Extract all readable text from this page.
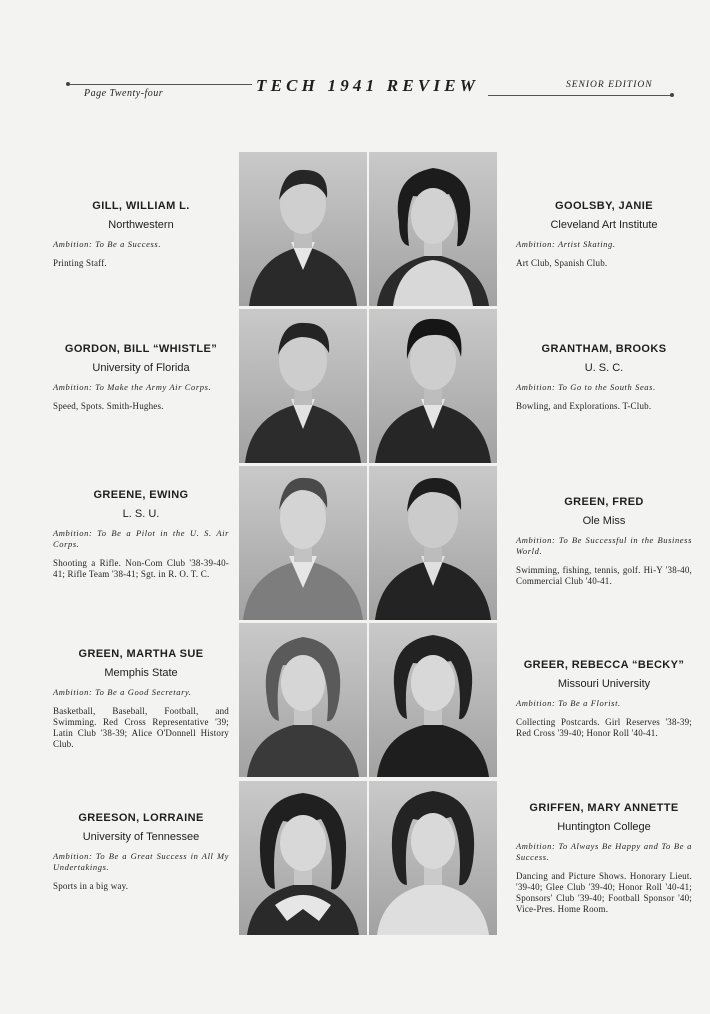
Page Twenty-four	TECH 1941 REVIEW	SENIOR EDITION
GILL, WILLIAM L.
Northwestern
Ambition: To Be a Success.
Printing Staff.
GOOLSBY, JANIE
Cleveland Art Institute
Ambition: Artist Skating.
Art Club, Spanish Club.
GORDON, BILL “WHISTLE”
University of Florida
Ambition: To Make the Army Air Corps.
Speed, Spots. Smith-Hughes.
GRANTHAM, BROOKS
U. S. C.
Ambition: To Go to the South Seas.
Bowling, and Explorations. T-Club.
GREENE, EWING
L. S. U.
Ambition: To Be a Pilot in the U. S. Air Corps.
Shooting a Rifle. Non-Com Club '38-39-40-41; Rifle Team '38-41; Sgt. in R. O. T. C.
GREEN, FRED
Ole Miss
Ambition: To Be Successful in the Business World.
Swimming, fishing, tennis, golf. Hi-Y '38-40, Commercial Club '40-41.
GREEN, MARTHA SUE
Memphis State
Ambition: To Be a Good Secretary.
Basketball, Baseball, Football, and Swimming. Red Cross Representative '39; Latin Club '38-39; Alice O'Donnell History Club.
GREER, REBECCA “BECKY”
Missouri University
Ambition: To Be a Florist.
Collecting Postcards. Girl Reserves '38-39; Red Cross '39-40; Honor Roll '40-41.
GREESON, LORRAINE
University of Tennessee
Ambition: To Be a Great Success in All My Undertakings.
Sports in a big way.
GRIFFEN, MARY ANNETTE
Huntington College
Ambition: To Always Be Happy and To Be a Success.
Dancing and Picture Shows. Honorary Lieut. '39-40; Glee Club '39-40; Honor Roll '40-41; Sponsors' Club '39-40; Football Sponsor '40; Vice-Pres. Home Room.
